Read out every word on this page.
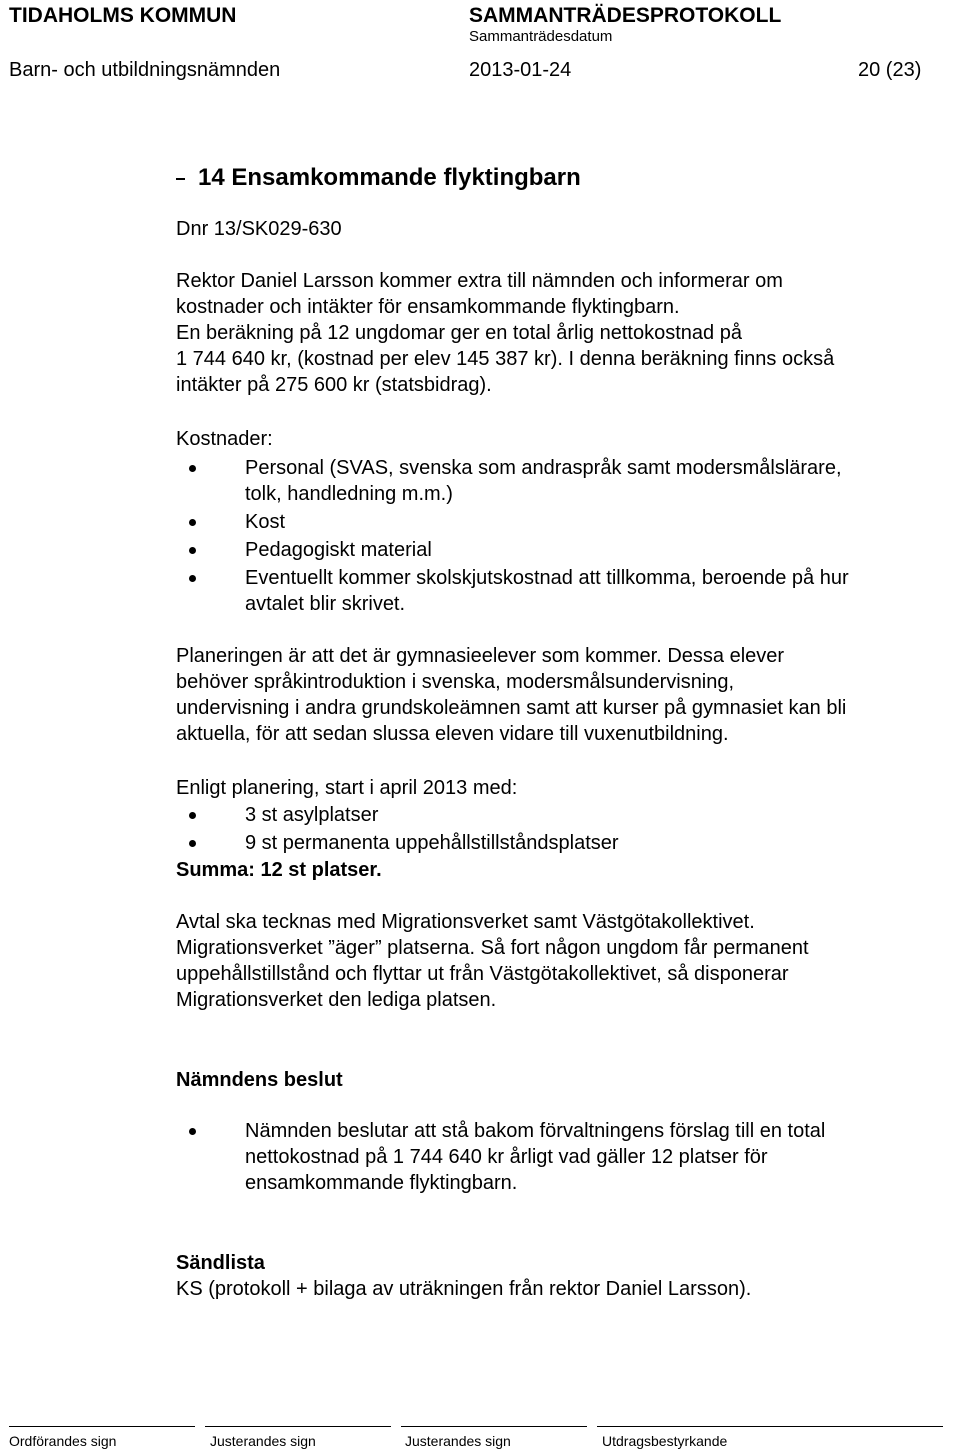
TIDAHOLMS KOMMUN	SAMMANTRÄDESPROTOKOLL
Sammanträdesdatum
Barn- och utbildningsnämnden	2013-01-24	20 (23)
14 Ensamkommande flyktingbarn
Dnr 13/SK029-630
Rektor Daniel Larsson kommer extra till nämnden och informerar om
kostnader och intäkter för ensamkommande flyktingbarn.
En beräkning på 12 ungdomar ger en total årlig nettokostnad på
1 744 640 kr, (kostnad per elev 145 387 kr). I denna beräkning finns också
intäkter på 275 600 kr (statsbidrag).
Kostnader:
Personal (SVAS, svenska som andraspråk samt modersmålslärare,
tolk, handledning m.m.)
Kost
Pedagogiskt material
Eventuellt kommer skolskjutskostnad att tillkomma, beroende på hur
avtalet blir skrivet.
Planeringen är att det är gymnasieelever som kommer. Dessa elever
behöver språkintroduktion i svenska, modersmålsundervisning,
undervisning i andra grundskoleämnen samt att kurser på gymnasiet kan bli
aktuella, för att sedan slussa eleven vidare till vuxenutbildning.
Enligt planering, start i april 2013 med:
3 st asylplatser
9 st permanenta uppehållstillståndsplatser
Summa: 12 st platser.
Avtal ska tecknas med Migrationsverket samt Västgötakollektivet.
Migrationsverket ”äger” platserna. Så fort någon ungdom får permanent
uppehållstillstånd och flyttar ut från Västgötakollektivet, så disponerar
Migrationsverket den lediga platsen.
Nämndens beslut
Nämnden beslutar att stå bakom förvaltningens förslag till en total
nettokostnad på 1 744 640 kr årligt vad gäller 12 platser för
ensamkommande flyktingbarn.
Sändlista
KS (protokoll + bilaga av uträkningen från rektor Daniel Larsson).
Ordförandes sign	Justerandes sign	Justerandes sign	Utdragsbestyrkande
